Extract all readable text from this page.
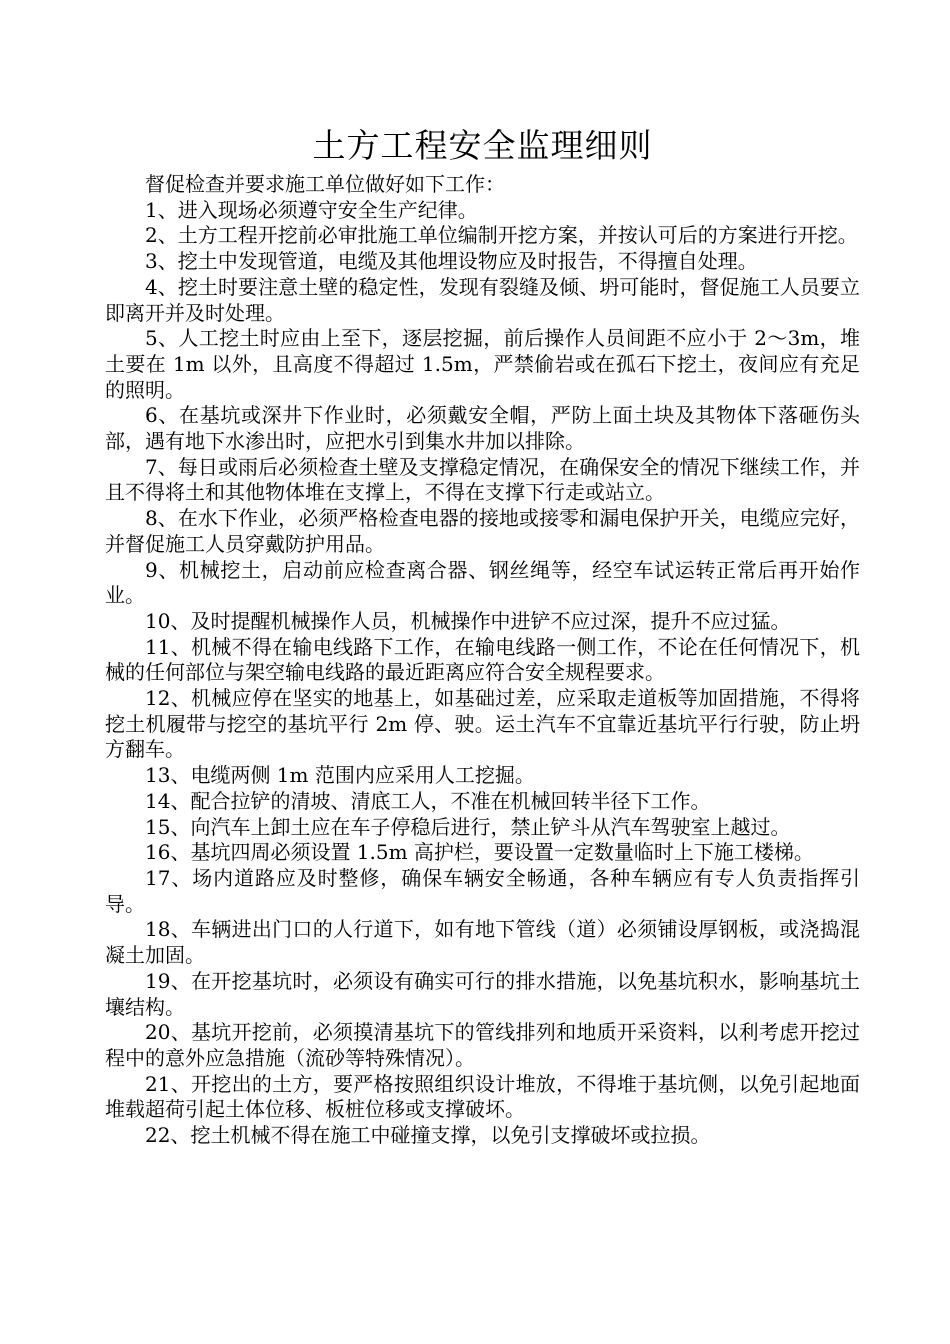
土方工程安全监理细则

督促检查并要求施工单位做好如下工作：

1、进入现场必须遵守安全生产纪律。

2、土方工程开挖前必审批施工单位编制开挖方案，并按认可后的方案进行开挖。

3、挖土中发现管道，电缆及其他埋设物应及时报告，不得擅自处理。

4、挖土时要注意土壁的稳定性，发现有裂缝及倾、坍可能时，督促施工人员要立即离开并及时处理。

5、人工挖土时应由上至下，逐层挖掘，前后操作人员间距不应小于 2～3m，堆土要在 1m 以外，且高度不得超过 1.5m，严禁偷岩或在孤石下挖土，夜间应有充足的照明。

6、在基坑或深井下作业时，必须戴安全帽，严防上面土块及其物体下落砸伤头部，遇有地下水渗出时，应把水引到集水井加以排除。

7、每日或雨后必须检查土壁及支撑稳定情况，在确保安全的情况下继续工作，并且不得将土和其他物体堆在支撑上，不得在支撑下行走或站立。

8、在水下作业，必须严格检查电器的接地或接零和漏电保护开关，电缆应完好，并督促施工人员穿戴防护用品。

9、机械挖土，启动前应检查离合器、钢丝绳等，经空车试运转正常后再开始作业。

10、及时提醒机械操作人员，机械操作中进铲不应过深，提升不应过猛。

11、机械不得在输电线路下工作，在输电线路一侧工作，不论在任何情况下，机械的任何部位与架空输电线路的最近距离应符合安全规程要求。

12、机械应停在坚实的地基上，如基础过差，应采取走道板等加固措施，不得将挖土机履带与挖空的基坑平行 2m 停、驶。运土汽车不宜靠近基坑平行行驶，防止坍方翻车。

13、电缆两侧 1m 范围内应采用人工挖掘。

14、配合拉铲的清坡、清底工人，不准在机械回转半径下工作。

15、向汽车上卸土应在车子停稳后进行，禁止铲斗从汽车驾驶室上越过。

16、基坑四周必须设置 1.5m 高护栏，要设置一定数量临时上下施工楼梯。

17、场内道路应及时整修，确保车辆安全畅通，各种车辆应有专人负责指挥引导。

18、车辆进出门口的人行道下，如有地下管线（道）必须铺设厚钢板，或浇捣混凝土加固。

19、在开挖基坑时，必须设有确实可行的排水措施，以免基坑积水，影响基坑土壤结构。

20、基坑开挖前，必须摸清基坑下的管线排列和地质开采资料，以利考虑开挖过程中的意外应急措施（流砂等特殊情况）。

21、开挖出的土方，要严格按照组织设计堆放，不得堆于基坑侧，以免引起地面堆载超荷引起土体位移、板桩位移或支撑破坏。

22、挖土机械不得在施工中碰撞支撑，以免引支撑破坏或拉损。
